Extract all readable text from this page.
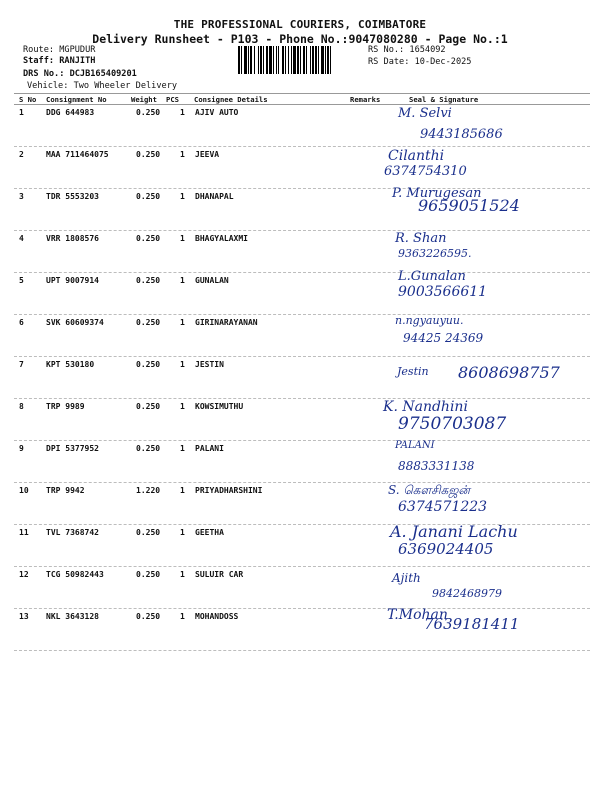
THE PROFESSIONAL COURIERS, COIMBATORE
Delivery Runsheet - P103 - Phone No.:9047080280 - Page No.:1
Route: MGPUDUR
Staff: RANJITH
DRS No.: DCJB165409201
Vehicle: Two Wheeler Delivery
RS No.: 1654092
RS Date: 10-Dec-2025
S No Consignment No	Weight PCS Consignee Details	Remarks	Seal & Signature
1	DDG 644983	0.250 1 AJIV AUTO	M. Selvi
9443185686
2	MAA 711464075	0.250 1 JEEVA	Cilanthi
6374754310
3	TDR 5553203	0.250 1 DHANAPAL	P. Murugesan
9659051524
4	VRR 1808576	0.250 1 BHAGYALAXMI	R. Shan
9363226595.
5	UPT 9007914	0.250 1 GUNALAN	L.Gunalan
9003566611
6	SVK 60609374	0.250 1 GIRINARAYANAN	n.ngyauyuu.
94425 24369
7	KPT 530180	0.250 1 JESTIN
Jestin 8608698757
8	TRP 9989	0.250 1 KOWSIMUTHU	K. Nandhini
9750703087
9	DPI 5377952	0.250 1 PALANI	PALANI
8883331138
10 TRP 9942	1.220 1 PRIYADHARSHINI	S. கௌசிகஜன்
6374571223
11 TVL 7368742	0.250 1 GEETHA	A. Janani Lachu
6369024405
12 TCG 50982443	0.250 1 SULUIR CAR	Ajith
9842468979
13 NKL 3643128	0.250 1 MOHANDOSS	T.Mohan
7639181411
